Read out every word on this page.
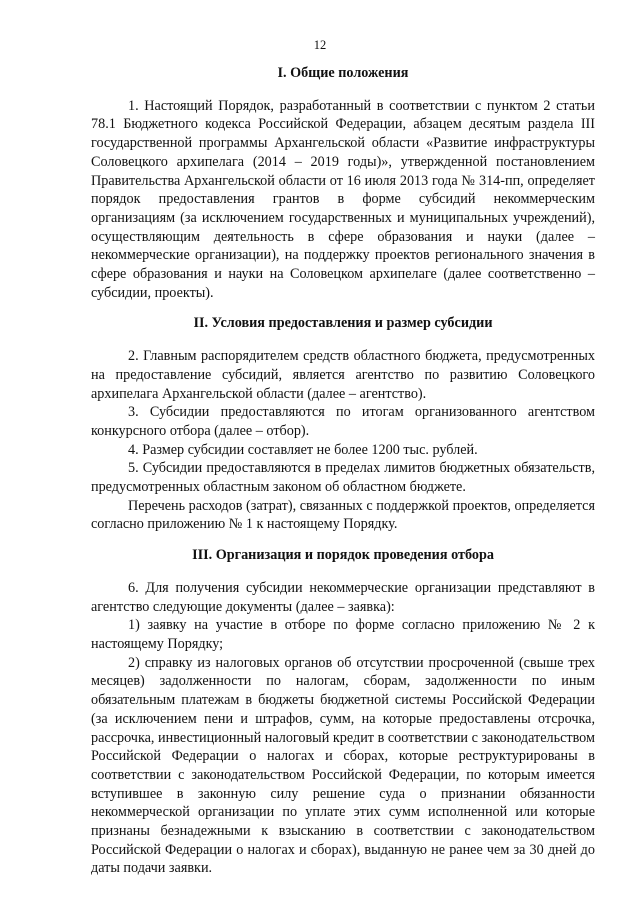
12
I. Общие положения

1. Настоящий Порядок, разработанный в соответствии с пунктом 2 статьи 78.1 Бюджетного кодекса Российской Федерации, абзацем десятым раздела III государственной программы Архангельской области «Развитие инфраструктуры Соловецкого архипелага (2014 – 2019 годы)», утвержденной постановлением Правительства Архангельской области от 16 июля 2013 года № 314-пп, определяет порядок предоставления грантов в форме субсидий некоммерческим организациям (за исключением государственных и муниципальных учреждений), осуществляющим деятельность в сфере образования и науки (далее – некоммерческие организации), на поддержку проектов регионального значения в сфере образования и науки на Соловецком архипелаге (далее соответственно – субсидии, проекты).

II. Условия предоставления и размер субсидии

2. Главным распорядителем средств областного бюджета, предусмотренных на предоставление субсидий, является агентство по развитию Соловецкого архипелага Архангельской области (далее – агентство).

3. Субсидии предоставляются по итогам организованного агентством конкурсного отбора (далее – отбор).

4. Размер субсидии составляет не более 1200 тыс. рублей.

5. Субсидии предоставляются в пределах лимитов бюджетных обязательств, предусмотренных областным законом об областном бюджете.

Перечень расходов (затрат), связанных с поддержкой проектов, определяется согласно приложению № 1 к настоящему Порядку.

III. Организация и порядок проведения отбора

6. Для получения субсидии некоммерческие организации представляют в агентство следующие документы (далее – заявка):

1) заявку на участие в отборе по форме согласно приложению № 2 к настоящему Порядку;

2) справку из налоговых органов об отсутствии просроченной (свыше трех месяцев) задолженности по налогам, сборам, задолженности по иным обязательным платежам в бюджеты бюджетной системы Российской Федерации (за исключением пени и штрафов, сумм, на которые предоставлены отсрочка, рассрочка, инвестиционный налоговый кредит в соответствии с законодательством Российской Федерации о налогах и сборах, которые реструктурированы в соответствии с законодательством Российской Федерации, по которым имеется вступившее в законную силу решение суда о признании обязанности некоммерческой организации по уплате этих сумм исполненной или которые признаны безнадежными к взысканию в соответствии с законодательством Российской Федерации о налогах и сборах), выданную не ранее чем за 30 дней до даты подачи заявки.
